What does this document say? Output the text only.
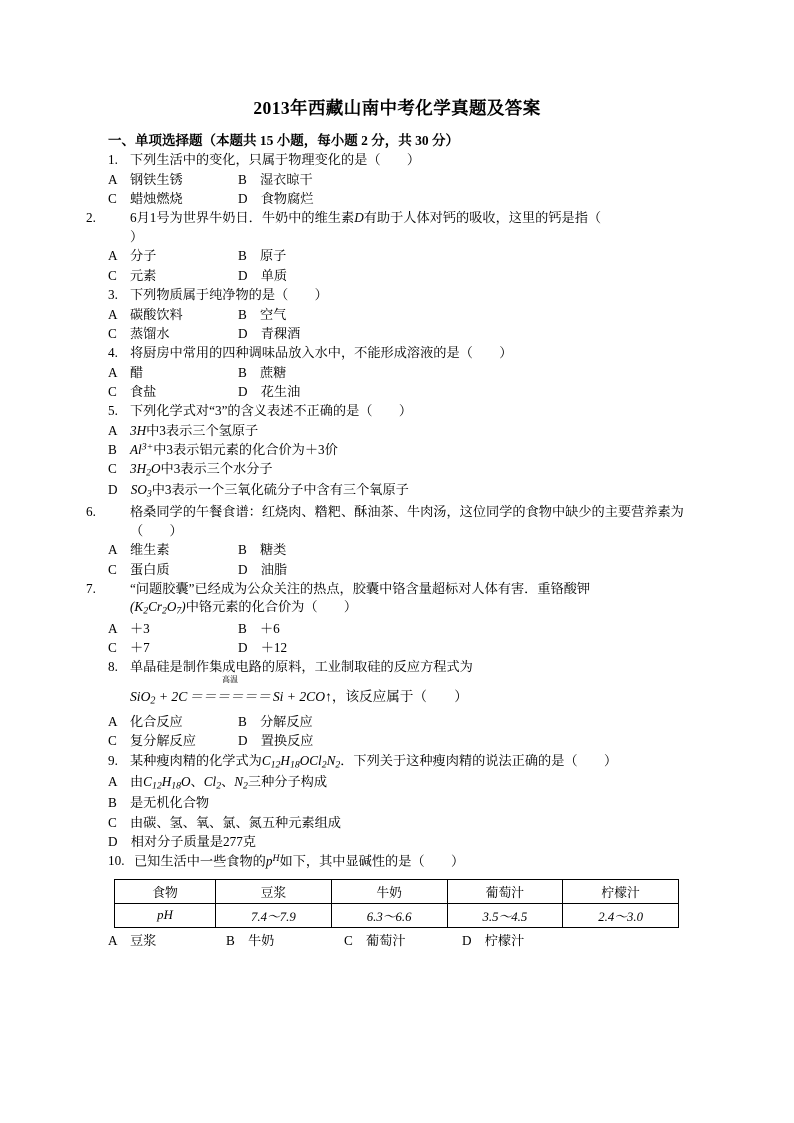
2013年西藏山南中考化学真题及答案
一、单项选择题（本题共 15 小题，每小题 2 分，共 30 分）
1. 下列生活中的变化，只属于物理变化的是（　　）
A　钢铁生锈	B　湿衣晾干
C　蜡烛燃烧	D　食物腐烂
2.	6月1号为世界牛奶日．牛奶中的维生素D有助于人体对钙的吸收，这里的钙是指（
）
A　分子	B　原子
C　元素	D　单质
3. 下列物质属于纯净物的是（　　）
A　碳酸饮料	B　空气
C　蒸馏水	D　青稞酒
4. 将厨房中常用的四种调味品放入水中，不能形成溶液的是（　　）
A　醋	B　蔗糖
C　食盐	D　花生油
5. 下列化学式对“3”的含义表述不正确的是（　　）
A　3H中3表示三个氢原子
B　$Al^{3+}$中3表示铝元素的化合价为＋3价
C　$3H_2O$中3表示三个水分子
D　$SO_3$中3表示一个三氧化硫分子中含有三个氧原子
6.	格桑同学的午餐食谱：红烧肉、糌粑、酥油茶、牛肉汤，这位同学的食物中缺少的主要营养素为（　　）
A　维生素	B　糖类
C　蛋白质	D　油脂
7.	“问题胶囊”已经成为公众关注的热点，胶囊中铬含量超标对人体有害．重铬酸钾
$(K_2Cr_2O_7)$中铬元素的化合价为（　　）
A　＋3	B　＋6
C　＋7	D　＋12
8. 单晶硅是制作集成电路的原料，工业制取硅的反应方程式为
SiO$_2$ + 2C
高温
＝＝＝＝＝＝ Si + 2CO↑，该反应属于（　　）
A　化合反应	B　分解反应
C　复分解反应	D　置换反应
9. 某种瘦肉精的化学式为$C_{12}H_{18}OCl_2N_2$．下列关于这种瘦肉精的说法正确的是（　　）
A　由$C_{12}H_{18}O$、$Cl_2$、$N_2$三种分子构成
B　是无机化合物
C　由碳、氢、氧、氯、氮五种元素组成
D　相对分子质量是277克
10. 已知生活中一些食物的$p^H$如下，其中显碱性的是（　　）
食物	豆浆	牛奶	葡萄汁	柠檬汁
pH	7.4～7.9	6.3～6.6	3.5～4.5	2.4～3.0
A　豆浆	B　牛奶	C　葡萄汁	D　柠檬汁
